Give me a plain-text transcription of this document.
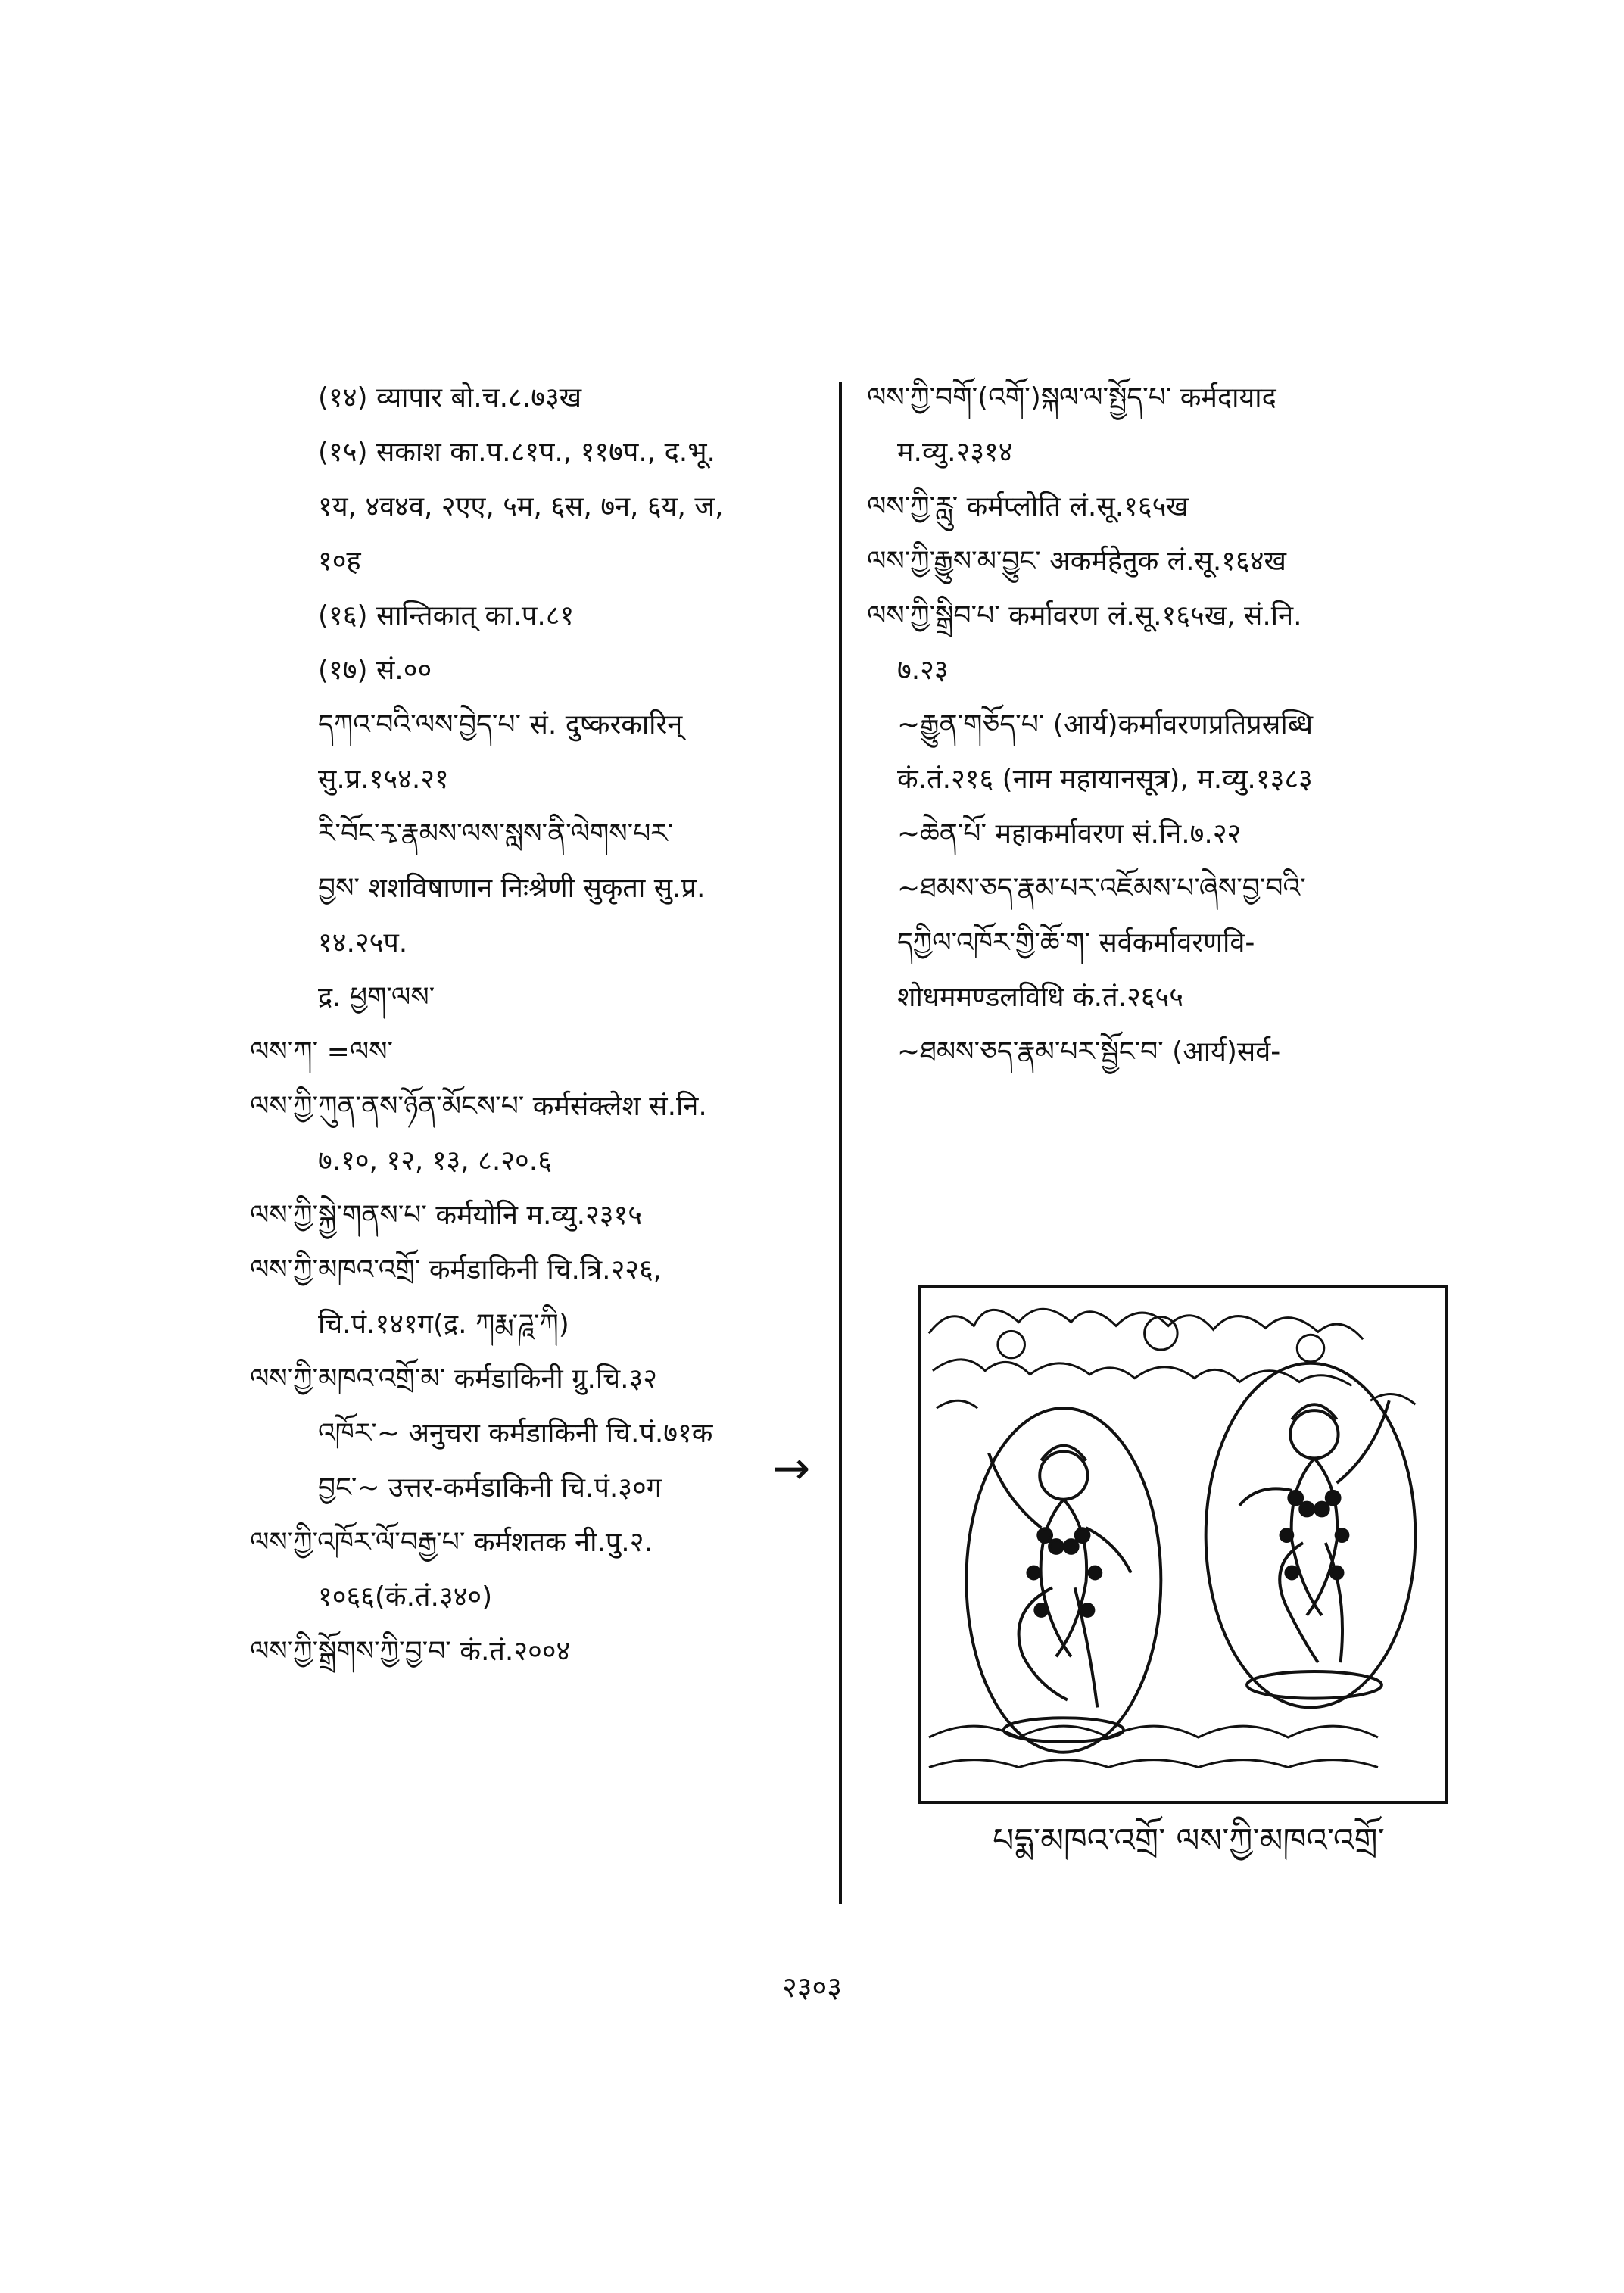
(१४) व्यापार बो.च.८.७३ख
(१५) सकाश का.प.८१प., ११७प., द.भू.
१य, ४व४व, २एए, ५म, ६स, ७न, ६य, ज,
१०ह
(१६) सान्तिकात् का.प.८१
(१७) सं.००
དཀའ་བའི་ལས་བྱེད་པ་ सं. दुष्करकारिन्
सु.प्र.१५४.२१
རི་བོང་རྭ་རྣམས་ལས་སླས་ནི་ལེགས་པར་
བྱས་ शशविषाणान निःश्रेणी सुकृता सु.प्र.
१४.२५प.
द्र. ཕྱག་ལས་
ལས་ཀ་ =ལས་
ལས་ཀྱི་ཀུན་ནས་ཉོན་མོངས་པ་ कर्मसंक्लेश सं.नि.
७.१०, १२, १३, ८.२०.६
ལས་ཀྱི་སྐྱེ་གནས་པ་ कर्मयोनि म.व्यु.२३१५
ལས་ཀྱི་མཁའ་འགྲོ་ कर्मडाकिनी चि.त्रि.२२६,
चि.पं.१४१ग(द्र. ཀརྨ་ཌཱ་ཀི)
ལས་ཀྱི་མཁའ་འགྲོ་མ་ कर्मडाकिनी ग्रु.चि.३२
འཁོར་~ अनुचरा कर्मडाकिनी चि.पं.७१क
བྱང་~ उत्तर-कर्मडाकिनी चि.पं.३०ग
ལས་ཀྱི་འཁོར་ལོ་བརྒྱ་པ་ कर्मशतक नी.पु.२.
१०६६(कं.तं.३४०)
ལས་ཀྱི་སྒྲོགས་ཀྱི་བྱ་བ་ कं.तं.२००४
ལས་ཀྱི་བགོ་(འགོ་)སྐལ་ལ་སྤྱོད་པ་ कर्मदायाद
म.व्यु.२३१४
ལས་ཀྱི་རླུ་ कर्मप्लोति लं.सू.१६५ख
ལས་ཀྱི་རྒྱུས་མ་བྱུང་ अकर्महेतुक लं.सू.१६४ख
ལས་ཀྱི་སྒྲིབ་པ་ कर्मावरण लं.सू.१६५ख, सं.नि.
७.२३
~རྒྱུན་གཅོད་པ་ (आर्य)कर्मावरणप्रतिप्रस्रब्धि
कं.तं.२१६ (नाम महायानसूत्र), म.व्यु.१३८३
~ཆེན་པོ་ महाकर्मावरण सं.नि.७.२२
~ཐམས་ཅད་རྣམ་པར་འཇོམས་པ་ཞེས་བྱ་བའི་
དཀྱིལ་འཁོར་གྱི་ཆོ་ག་ सर्वकर्मावरणवि-
शोधममण्डलविधि कं.तं.२६५५
~ཐམས་ཅད་རྣམ་པར་སྦྱོང་བ་ (आर्य)सर्व-
→
པདྨ་མཁའ་འགྲོ་ ལས་ཀྱི་མཁའ་འགྲོ་
२३०३
